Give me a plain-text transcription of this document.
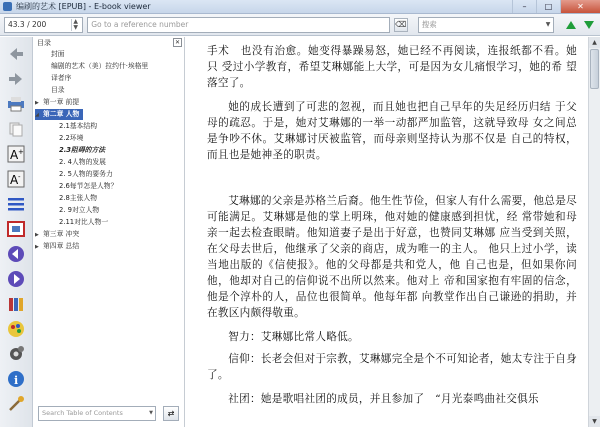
编刷的艺术 [EPUB] - E-book viewer	–	□	✕
43.3 / 200	▲
▼ Go to a reference number	⌫ 搜索	▼
A +
A -
i
目录	✕
封面
编剧的艺术（美）拉约什·埃格里
译者序
目录
▶ 第一章 前提
◢ 第二章 人物
2.1基本结构
2.2环境
2.3阻碍的方法
2. 4人物的发展
2. 5人物的要务力
2.6每节怎是人物？
2.8主张人物
2. 9对立人物
2.11对比人物一
▶ 第三章 冲突
▶ 第四章 总结
Search Table of Contents	▼	⇄

手术　也没有治愈。她变得暴躁易怒，她已经不再阅读，连报纸都不看。她只 受过小学教育，希望艾琳娜能上大学，可是因为女儿痛恨学习，她的希 望落空了。

她的成长遭到了可悲的忽视，而且她也把自己早年的失足经历归结 于父母的疏忍。于是，她对艾琳娜的一举一动都严加监管，这就导致母 女之间总是争吵不休。艾琳娜讨厌被监管，而母亲则坚持认为那不仅是 自己的特权，而且也是她神圣的职责。

艾琳娜的父亲是苏格兰后裔。他生性节俭，但家人有什么需要，他总是尽可能满足。艾琳娜是他的掌上明珠，他对她的健康感到担忧，经 常带她和母亲一起去检查眼睛。他知道妻子是出于好意，也赞同艾琳娜 应当受到关照，在父母去世后，他继承了父亲的商店，成为唯一的主人。 他只上过小学，读当地出版的《信使报》。他的父母都是共和党人，他 自己也是，但如果你问他，他却对自己的信仰说不出所以然来。他对上 帝和国家抱有牢固的信念，他是个淳朴的人，品位也很简单。他每年都 向教堂作出自己谦逊的捐助，并在教区内颇得敬重。

智力：艾琳娜比常人略低。

信仰：长老会但对于宗教，艾琳娜完全是个不可知论者，她太专注于自身了。

社团：她是歌唱社团的成员，并且参加了　“月光泰鸣曲社交俱乐

▲
▼
